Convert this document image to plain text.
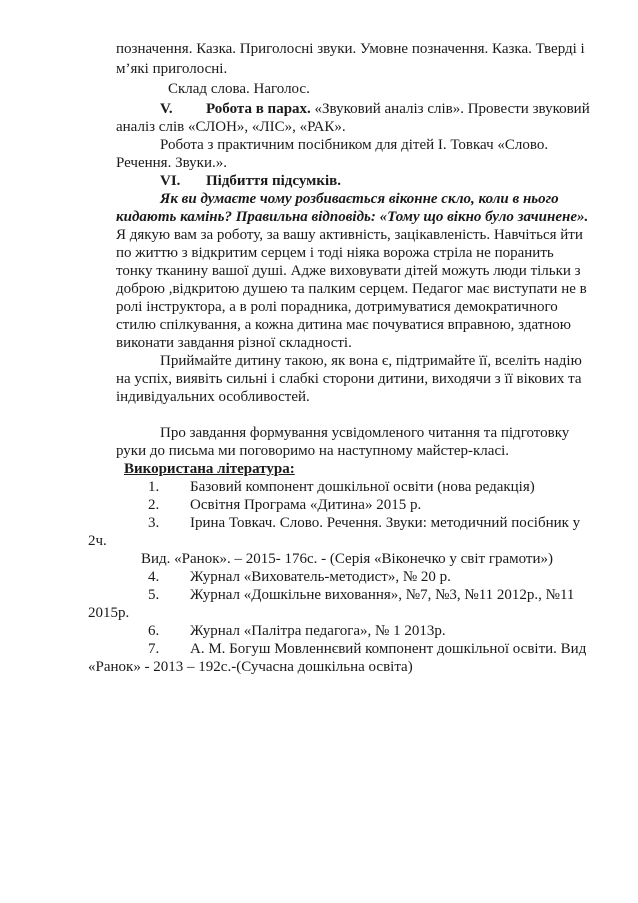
позначення. Казка. Приголосні звуки. Умовне позначення. Казка. Тверді і
м’які приголосні.
Склад слова. Наголос.
V. Робота в парах. «Звуковий аналіз слів». Провести звуковий
аналіз слів «СЛОН», «ЛІС», «РАК».
Робота з практичним посібником для дітей І. Товкач «Слово.
Речення. Звуки.».
VI. Підбиття підсумків.
Як ви думаєте чому розбивається віконне скло, коли в нього
кидають камінь? Правильна відповідь: «Тому що вікно було зачинене».
Я дякую вам за роботу, за вашу активність, зацікавленість. Навчіться йти
по життю з відкритим серцем і тоді ніяка ворожа стріла не поранить
тонку тканину вашої душі. Адже виховувати дітей можуть люди тільки з
доброю ,відкритою душею та палким серцем. Педагог має виступати не в
ролі інструктора, а в ролі порадника, дотримуватися демократичного
стилю спілкування, а кожна дитина має почуватися вправною, здатною
виконати завдання різної складності.
Приймайте дитину такою, як вона є, підтримайте її, вселіть надію
на успіх, виявіть сильні і слабкі сторони дитини, виходячи з її вікових та
індивідуальних особливостей.
Про завдання формування усвідомленого читання та підготовку
руки до письма ми поговоримо на наступному майстер-класі.
Використана література:
1. Базовий компонент дошкільної освіти (нова редакція)
2. Освітня Програма «Дитина» 2015 р.
3. Ірина Товкач. Слово. Речення. Звуки: методичний посібник у
2ч.
Вид. «Ранок». – 2015- 176с. - (Серія «Віконечко у світ грамоти»)
4. Журнал «Вихователь-методист», № 20 р.
5. Журнал «Дошкільне виховання», №7, №3, №11 2012р., №11
2015р.
6. Журнал «Палітра педагога», № 1 2013р.
7. А. М. Богуш Мовленнєвий компонент дошкільної освіти. Вид
«Ранок» - 2013 – 192с.-(Сучасна дошкільна освіта)
